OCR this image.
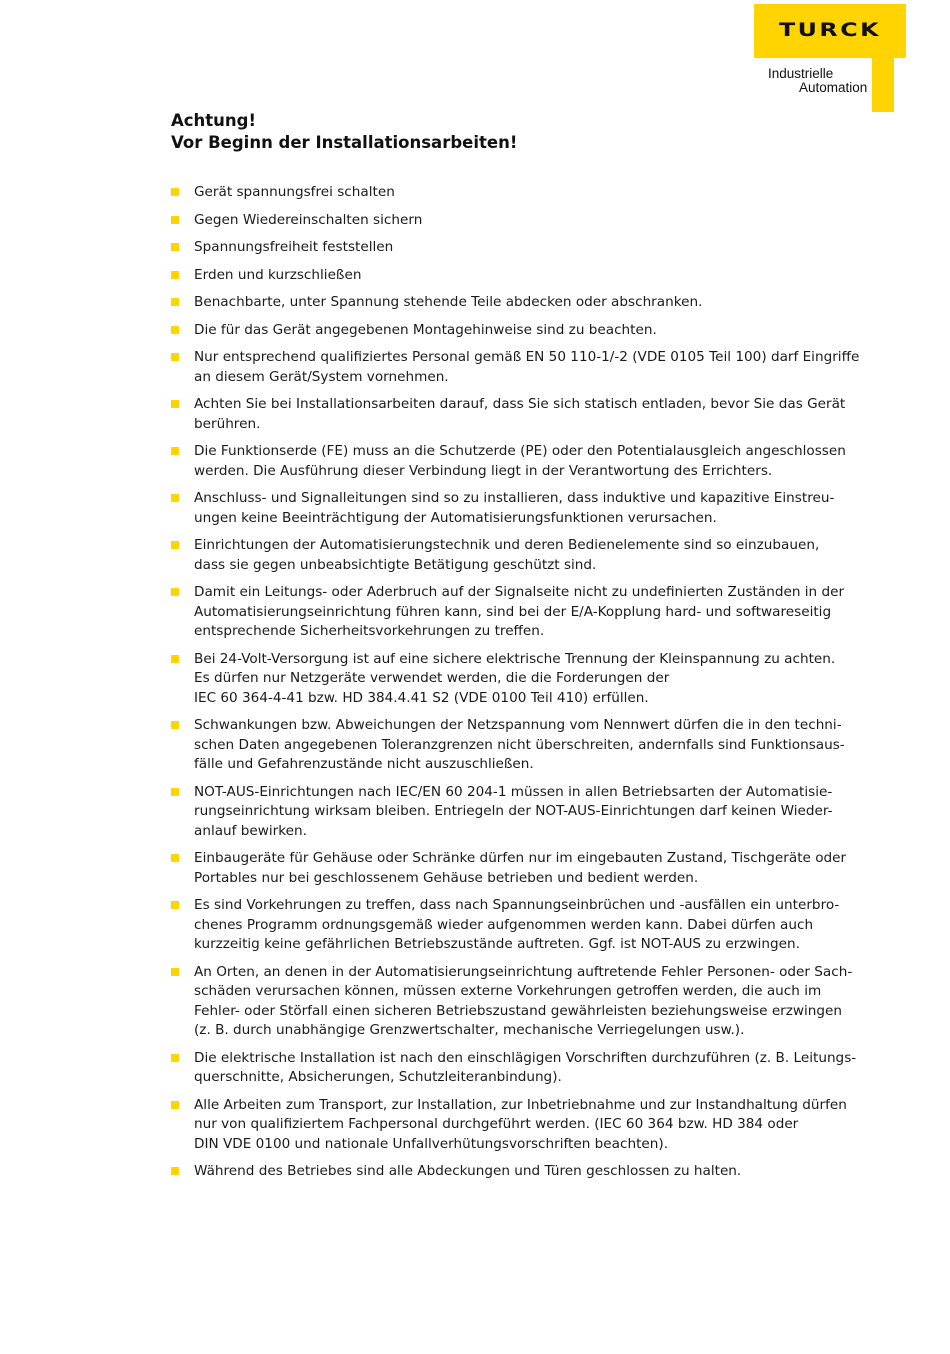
TURCK
Industrielle
Automation
Achtung!
Vor Beginn der Installationsarbeiten!
Gerät spannungsfrei schalten
Gegen Wiedereinschalten sichern
Spannungsfreiheit feststellen
Erden und kurzschließen
Benachbarte, unter Spannung stehende Teile abdecken oder abschranken.
Die für das Gerät angegebenen Montagehinweise sind zu beachten.
Nur entsprechend qualifiziertes Personal gemäß EN 50 110-1/-2 (VDE 0105 Teil 100) darf Eingriffe
an diesem Gerät/System vornehmen.
Achten Sie bei Installationsarbeiten darauf, dass Sie sich statisch entladen, bevor Sie das Gerät
berühren.
Die Funktionserde (FE) muss an die Schutzerde (PE) oder den Potentialausgleich angeschlossen
werden. Die Ausführung dieser Verbindung liegt in der Verantwortung des Errichters.
Anschluss- und Signalleitungen sind so zu installieren, dass induktive und kapazitive Einstreu-
ungen keine Beeinträchtigung der Automatisierungsfunktionen verursachen.
Einrichtungen der Automatisierungstechnik und deren Bedienelemente sind so einzubauen,
dass sie gegen unbeabsichtigte Betätigung geschützt sind.
Damit ein Leitungs- oder Aderbruch auf der Signalseite nicht zu undefinierten Zuständen in der
Automatisierungseinrichtung führen kann, sind bei der E/A-Kopplung hard- und softwareseitig
entsprechende Sicherheitsvorkehrungen zu treffen.
Bei 24-Volt-Versorgung ist auf eine sichere elektrische Trennung der Kleinspannung zu achten.
Es dürfen nur Netzgeräte verwendet werden, die die Forderungen der
IEC 60 364-4-41 bzw. HD 384.4.41 S2 (VDE 0100 Teil 410) erfüllen.
Schwankungen bzw. Abweichungen der Netzspannung vom Nennwert dürfen die in den techni-
schen Daten angegebenen Toleranzgrenzen nicht überschreiten, andernfalls sind Funktionsaus-
fälle und Gefahrenzustände nicht auszuschließen.
NOT-AUS-Einrichtungen nach IEC/EN 60 204-1 müssen in allen Betriebsarten der Automatisie-
rungseinrichtung wirksam bleiben. Entriegeln der NOT-AUS-Einrichtungen darf keinen Wieder-
anlauf bewirken.
Einbaugeräte für Gehäuse oder Schränke dürfen nur im eingebauten Zustand, Tischgeräte oder
Portables nur bei geschlossenem Gehäuse betrieben und bedient werden.
Es sind Vorkehrungen zu treffen, dass nach Spannungseinbrüchen und -ausfällen ein unterbro-
chenes Programm ordnungsgemäß wieder aufgenommen werden kann. Dabei dürfen auch
kurzzeitig keine gefährlichen Betriebszustände auftreten. Ggf. ist NOT-AUS zu erzwingen.
An Orten, an denen in der Automatisierungseinrichtung auftretende Fehler Personen- oder Sach-
schäden verursachen können, müssen externe Vorkehrungen getroffen werden, die auch im
Fehler- oder Störfall einen sicheren Betriebszustand gewährleisten beziehungsweise erzwingen
(z. B. durch unabhängige Grenzwertschalter, mechanische Verriegelungen usw.).
Die elektrische Installation ist nach den einschlägigen Vorschriften durchzuführen (z. B. Leitungs-
querschnitte, Absicherungen, Schutzleiteranbindung).
Alle Arbeiten zum Transport, zur Installation, zur Inbetriebnahme und zur Instandhaltung dürfen
nur von qualifiziertem Fachpersonal durchgeführt werden. (IEC 60 364 bzw. HD 384 oder
DIN VDE 0100 und nationale Unfallverhütungsvorschriften beachten).
Während des Betriebes sind alle Abdeckungen und Türen geschlossen zu halten.
